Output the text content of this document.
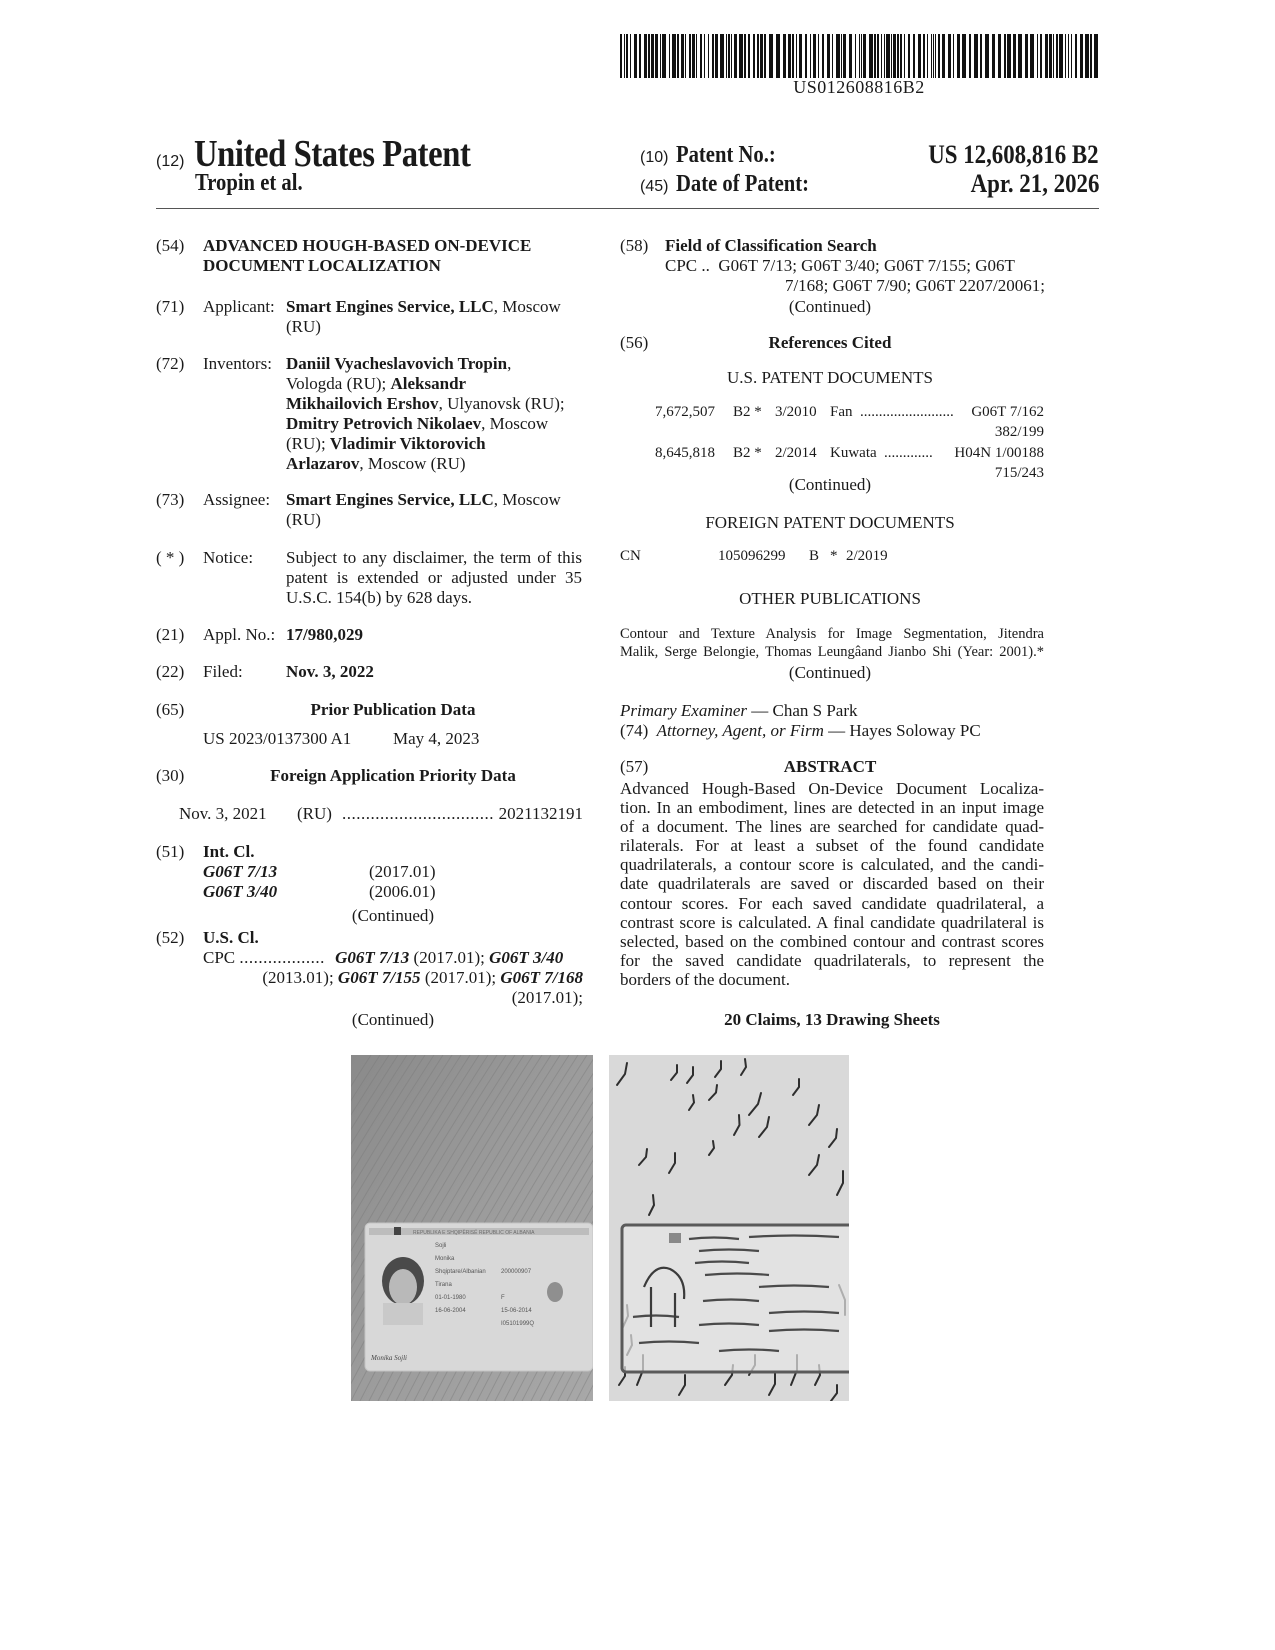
US012608816B2
(12) United States Patent
Tropin et al.
(10) Patent No.:	US 12,608,816 B2
(45) Date of Patent:	Apr. 21, 2026
(54) ADVANCED HOUGH-BASED ON-DEVICE
DOCUMENT LOCALIZATION
(71) Applicant: Smart Engines Service, LLC, Moscow
(RU)
(72) Inventors: Daniil Vyacheslavovich Tropin,
Vologda (RU); Aleksandr
Mikhailovich Ershov, Ulyanovsk (RU);
Dmitry Petrovich Nikolaev, Moscow
(RU); Vladimir Viktorovich
Arlazarov, Moscow (RU)
(73) Assignee: Smart Engines Service, LLC, Moscow
(RU)
( * ) Notice: Subject to any disclaimer, the term of this
patent is extended or adjusted under 35
U.S.C. 154(b) by 628 days.
(21) Appl. No.: 17/980,029
(22) Filed:	Nov. 3, 2022
(65)	Prior Publication Data
US 2023/0137300 A1 May 4, 2023
(30)	Foreign Application Priority Data
Nov. 3, 2021 (RU) ................................ 2021132191
(51) Int. Cl.
G06T 7/13	(2017.01)
G06T 3/40	(2006.01)
(Continued)
(52) U.S. Cl.
CPC .................. G06T 7/13 (2017.01); G06T 3/40
(2013.01); G06T 7/155 (2017.01); G06T 7/168
(2017.01);
(Continued)
(58) Field of Classification Search
CPC ..  G06T 7/13; G06T 3/40; G06T 7/155; G06T
7/168; G06T 7/90; G06T 2207/20061;
(Continued)
(56)	References Cited
U.S. PATENT DOCUMENTS
7,672,507 B2 * 3/2010 Fan ......................... G06T 7/162
382/199
8,645,818 B2 * 2/2014 Kuwata ............. H04N 1/00188
715/243
(Continued)
FOREIGN PATENT DOCUMENTS
CN	105096299 B * 2/2019
OTHER PUBLICATIONS
Contour and Texture Analysis for Image Segmentation, Jitendra
Malik, Serge Belongie, Thomas Leungâand Jianbo Shi (Year: 2001).*
(Continued)
Primary Examiner — Chan S Park
(74) Attorney, Agent, or Firm — Hayes Soloway PC
(57)	ABSTRACT
Advanced Hough-Based On-Device Document Localiza-
tion. In an embodiment, lines are detected in an input image
of a document. The lines are searched for candidate quad-
rilaterals. For at least a subset of the found candidate
quadrilaterals, a contour score is calculated, and the candi-
date quadrilaterals are saved or discarded based on their
contour scores. For each saved candidate quadrilateral, a
contrast score is calculated. A final candidate quadrilateral is
selected, based on the combined contour and contrast scores
for the saved candidate quadrilaterals, to represent the
borders of the document.
20 Claims, 13 Drawing Sheets
REPUBLIKA E SHQIPËRISË REPUBLIC OF ALBANIA
Sojli
Monika
Shqiptare/Albanian
Tirana
01-01-1980
16-06-2004
200000907
F
15-06-2014
I05101999Q
Monika Sojli
